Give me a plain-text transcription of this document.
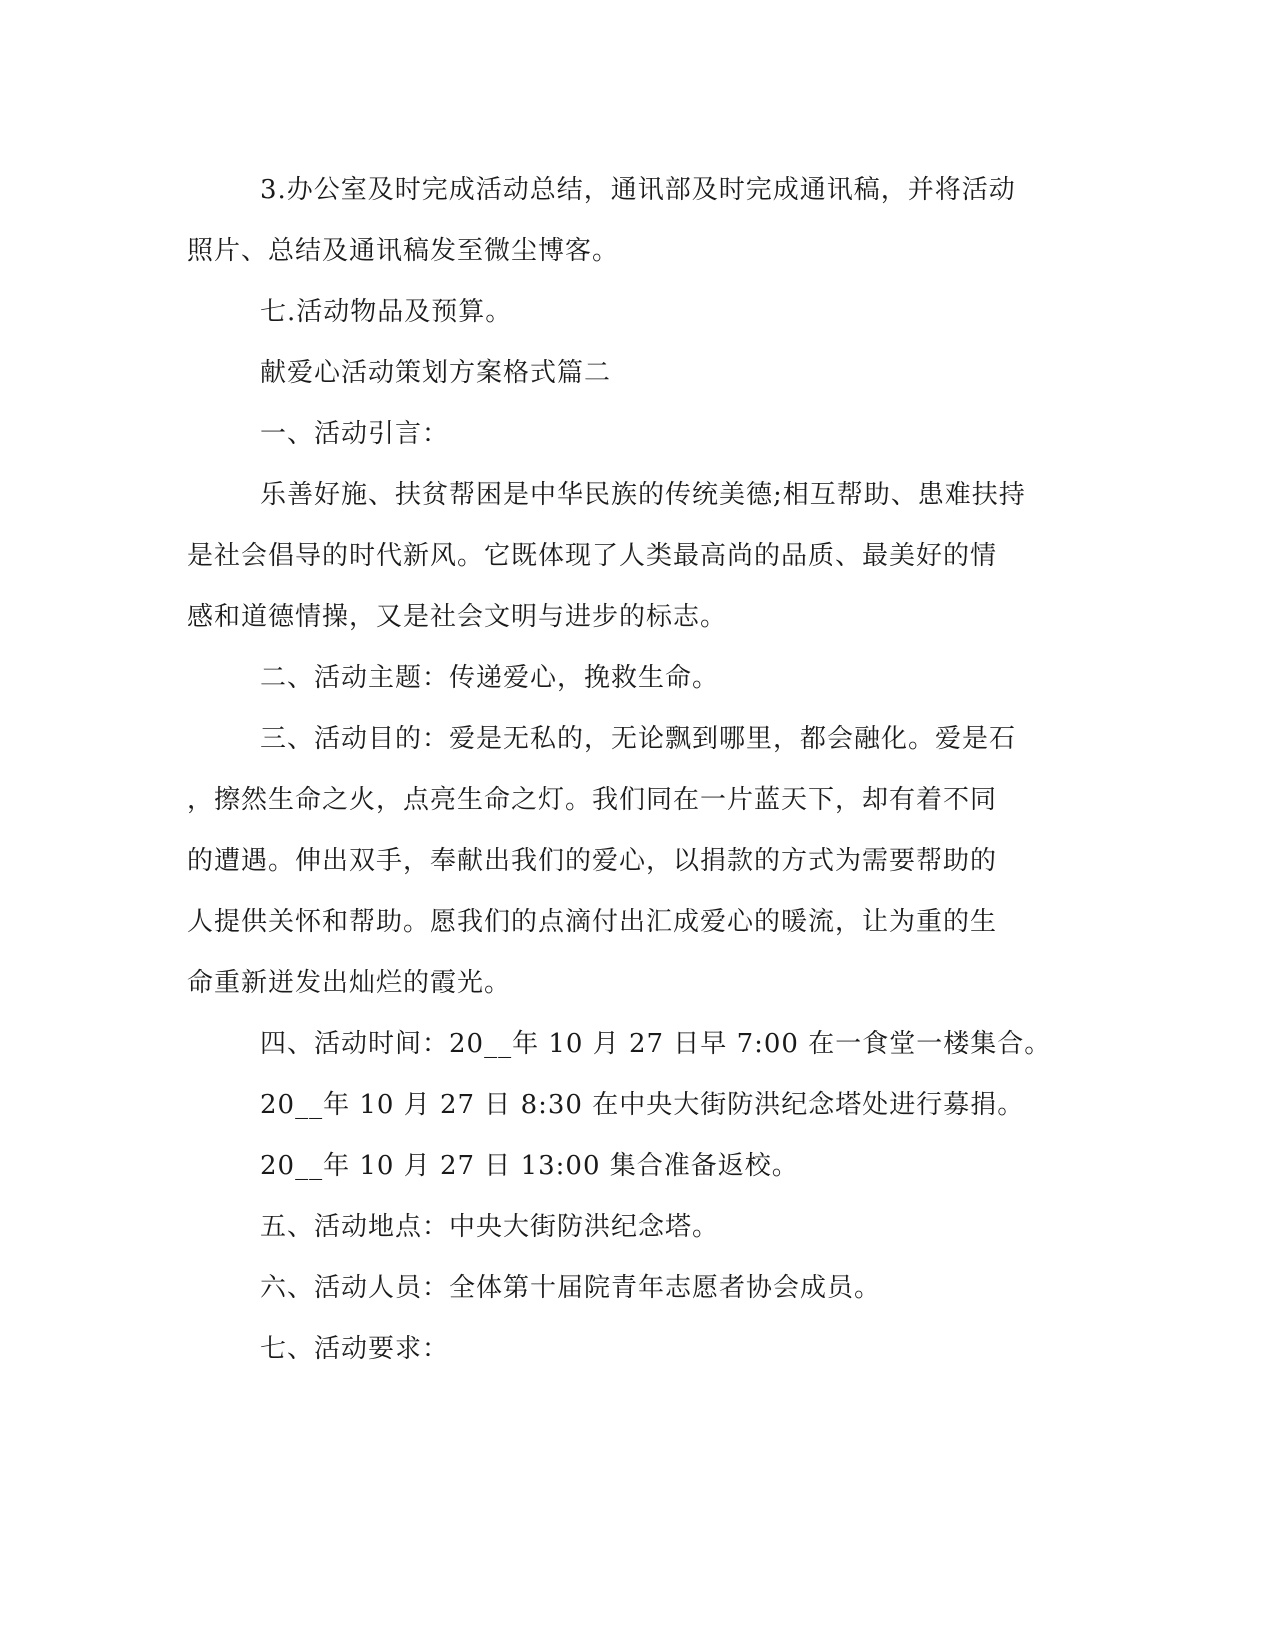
3.办公室及时完成活动总结，通讯部及时完成通讯稿，并将活动

照片、总结及通讯稿发至微尘博客。

七.活动物品及预算。

献爱心活动策划方案格式篇二

一、活动引言：

乐善好施、扶贫帮困是中华民族的传统美德;相互帮助、患难扶持

是社会倡导的时代新风。它既体现了人类最高尚的品质、最美好的情

感和道德情操，又是社会文明与进步的标志。

二、活动主题：传递爱心，挽救生命。

三、活动目的：爱是无私的，无论飘到哪里，都会融化。爱是石

，擦然生命之火，点亮生命之灯。我们同在一片蓝天下，却有着不同

的遭遇。伸出双手，奉献出我们的爱心，以捐款的方式为需要帮助的

人提供关怀和帮助。愿我们的点滴付出汇成爱心的暖流，让为重的生

命重新迸发出灿烂的霞光。

四、活动时间：20__年 10 月 27 日早 7:00 在一食堂一楼集合。

20__年 10 月 27 日 8:30 在中央大街防洪纪念塔处进行募捐。

20__年 10 月 27 日 13:00 集合准备返校。

五、活动地点：中央大街防洪纪念塔。

六、活动人员：全体第十届院青年志愿者协会成员。

七、活动要求：
